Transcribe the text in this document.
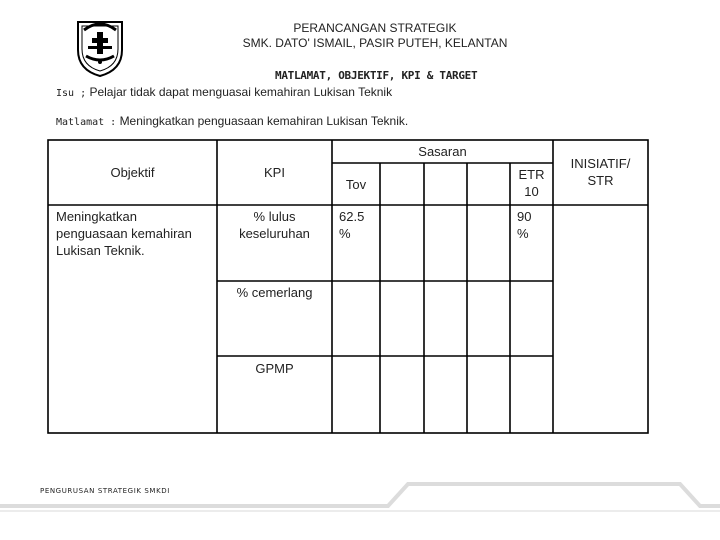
PERANCANGAN STRATEGIK
SMK. DATO' ISMAIL, PASIR PUTEH, KELANTAN
MATLAMAT, OBJEKTIF, KPI & TARGET
Isu ; Pelajar tidak dapat menguasai kemahiran Lukisan Teknik
Matlamat : Meningkatkan penguasaan kemahiran Lukisan Teknik.
Objektif	KPI
Sasaran
Tov
ETR
10
INISIATIF/
STR
Meningkatkan
penguasaan kemahiran
Lukisan Teknik.
% lulus
keseluruhan
62.5
%
90
%
% cemerlang
GPMP
PENGURUSAN STRATEGIK SMKDI
